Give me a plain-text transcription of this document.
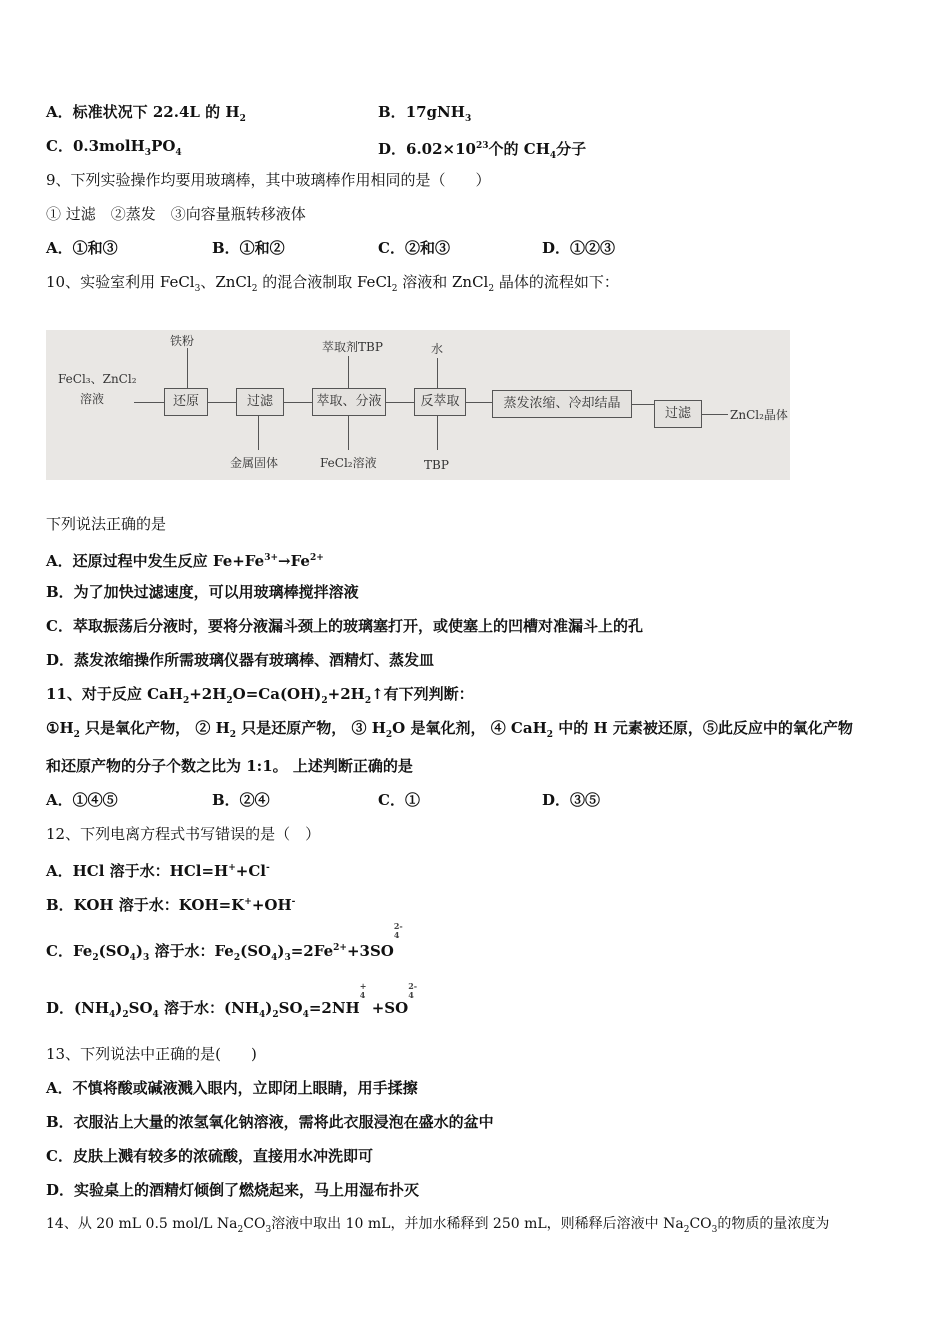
A．标准状况下 22.4L 的 $H_2$	B．17gNH$_3$
C．$0.3molH_3PO_4$	D．$6.02\times 10^{23}$个的 $CH_4$分子
9、下列实验操作均要用玻璃棒，其中玻璃棒作用相同的是（　　）
① 过滤　②蒸发　③向容量瓶转移液体
A．①和③	B．①和②	C．②和③	D．①②③
10、实验室利用 FeCl$_3$、ZnCl$_2$ 的混合液制取 FeCl$_2$ 溶液和 ZnCl$_2$ 晶体的流程如下：
FeCl₃、ZnCl₂
溶液
铁粉
还原	过滤
金属固体
萃取剂TBP
萃取、分液
FeCl₂溶液
水
反萃取
TBP
蒸发浓缩、冷却结晶
过滤	ZnCl₂晶体
下列说法正确的是
A．还原过程中发生反应 $Fe+Fe^{3+}\to Fe^{2+}$
B．为了加快过滤速度，可以用玻璃棒搅拌溶液
C．萃取振荡后分液时，要将分液漏斗颈上的玻璃塞打开，或使塞上的凹槽对准漏斗上的孔
D．蒸发浓缩操作所需玻璃仪器有玻璃棒、酒精灯、蒸发皿
11、对于反应 $CaH_2+2H_2O=Ca(OH)_2+2H_2↑$有下列判断：
$①H_2$ 只是氧化产物， ② $H_2$ 只是还原产物， ③ $H_2O$ 是氧化剂， ④ CaH$_2$ 中的 H 元素被还原，⑤此反应中的氧化产物
和还原产物的分子个数之比为 1:1。 上述判断正确的是
A．①④⑤	B．②④	C．①	D．③⑤
12、下列电离方程式书写错误的是（　）
A．HCl 溶于水：HCl=H++Cl-
B．KOH 溶于水：KOH=K++OH-
C．$Fe_2(SO_4)_3$ 溶于水：$Fe_2(SO_4)_3=2Fe^{2+}+3SO2-$
4
D．$(NH_4)_2SO_4$ 溶于水：$(NH_4)_2SO_4=2NH+$
4+SO2-
4
13、下列说法中正确的是(　　)
A．不慎将酸或碱液溅入眼内，立即闭上眼睛，用手揉擦
B．衣服沾上大量的浓氢氧化钠溶液，需将此衣服浸泡在盛水的盆中
C．皮肤上溅有较多的浓硫酸，直接用水冲洗即可
D．实验桌上的酒精灯倾倒了燃烧起来，马上用湿布扑灭
14、从 20 mL 0.5 mol/L $Na_2CO_3$溶液中取出 10 mL，并加水稀释到 250 mL，则稀释后溶液中 $Na_2CO_3$的物质的量浓度为
